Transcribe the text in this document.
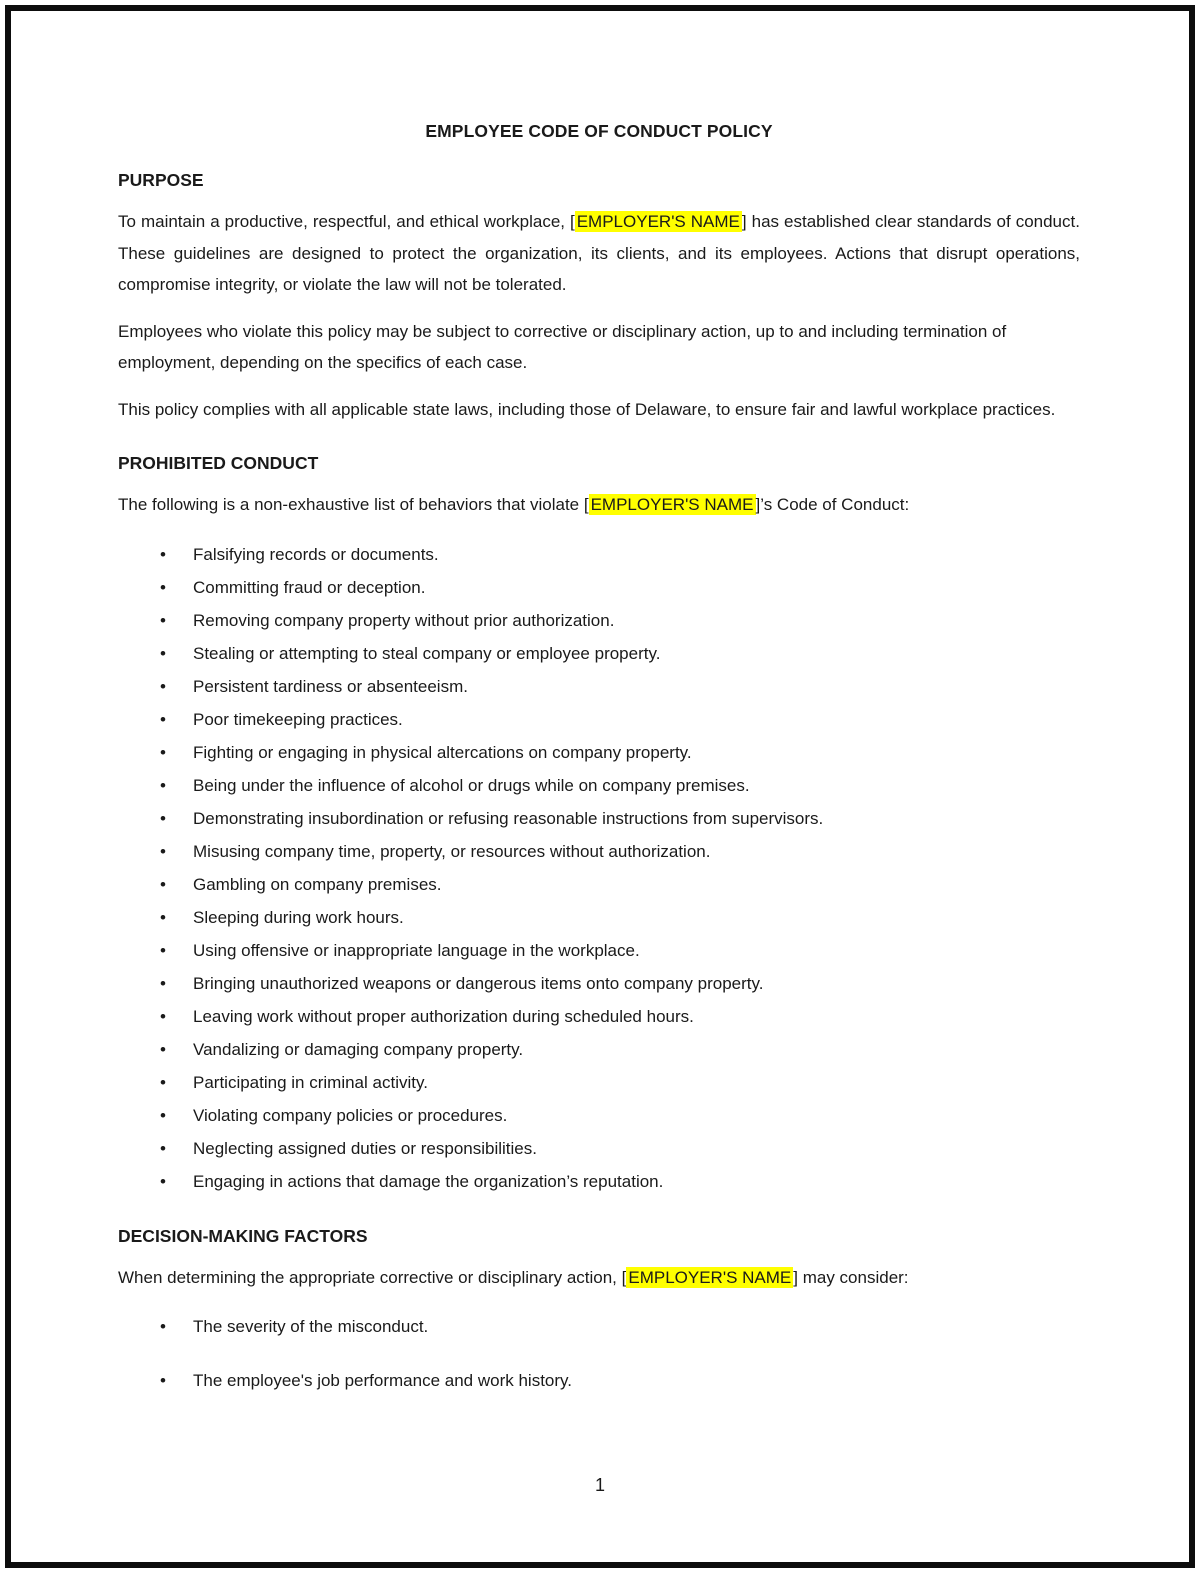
EMPLOYEE CODE OF CONDUCT POLICY
PURPOSE

To maintain a productive, respectful, and ethical workplace, [ EMPLOYER'S NAME ] has established clear standards of conduct. These guidelines are designed to protect the organization, its clients, and its employees. Actions that disrupt operations, compromise integrity, or violate the law will not be tolerated.

Employees who violate this policy may be subject to corrective or disciplinary action, up to and including termination of employment, depending on the specifics of each case.

This policy complies with all applicable state laws, including those of Delaware, to ensure fair and lawful workplace practices.

PROHIBITED CONDUCT

The following is a non-exhaustive list of behaviors that violate [ EMPLOYER'S NAME ]’s Code of Conduct:

• Falsifying records or documents.
• Committing fraud or deception.
• Removing company property without prior authorization.
• Stealing or attempting to steal company or employee property.
• Persistent tardiness or absenteeism.
• Poor timekeeping practices.
• Fighting or engaging in physical altercations on company property.
• Being under the influence of alcohol or drugs while on company premises.
• Demonstrating insubordination or refusing reasonable instructions from supervisors.
• Misusing company time, property, or resources without authorization.
• Gambling on company premises.
• Sleeping during work hours.
• Using offensive or inappropriate language in the workplace.
• Bringing unauthorized weapons or dangerous items onto company property.
• Leaving work without proper authorization during scheduled hours.
• Vandalizing or damaging company property.
• Participating in criminal activity.
• Violating company policies or procedures.
• Neglecting assigned duties or responsibilities.
• Engaging in actions that damage the organization’s reputation.
DECISION-MAKING FACTORS

When determining the appropriate corrective or disciplinary action, [ EMPLOYER'S NAME ] may consider:

• The severity of the misconduct.
• The employee's job performance and work history.
1
